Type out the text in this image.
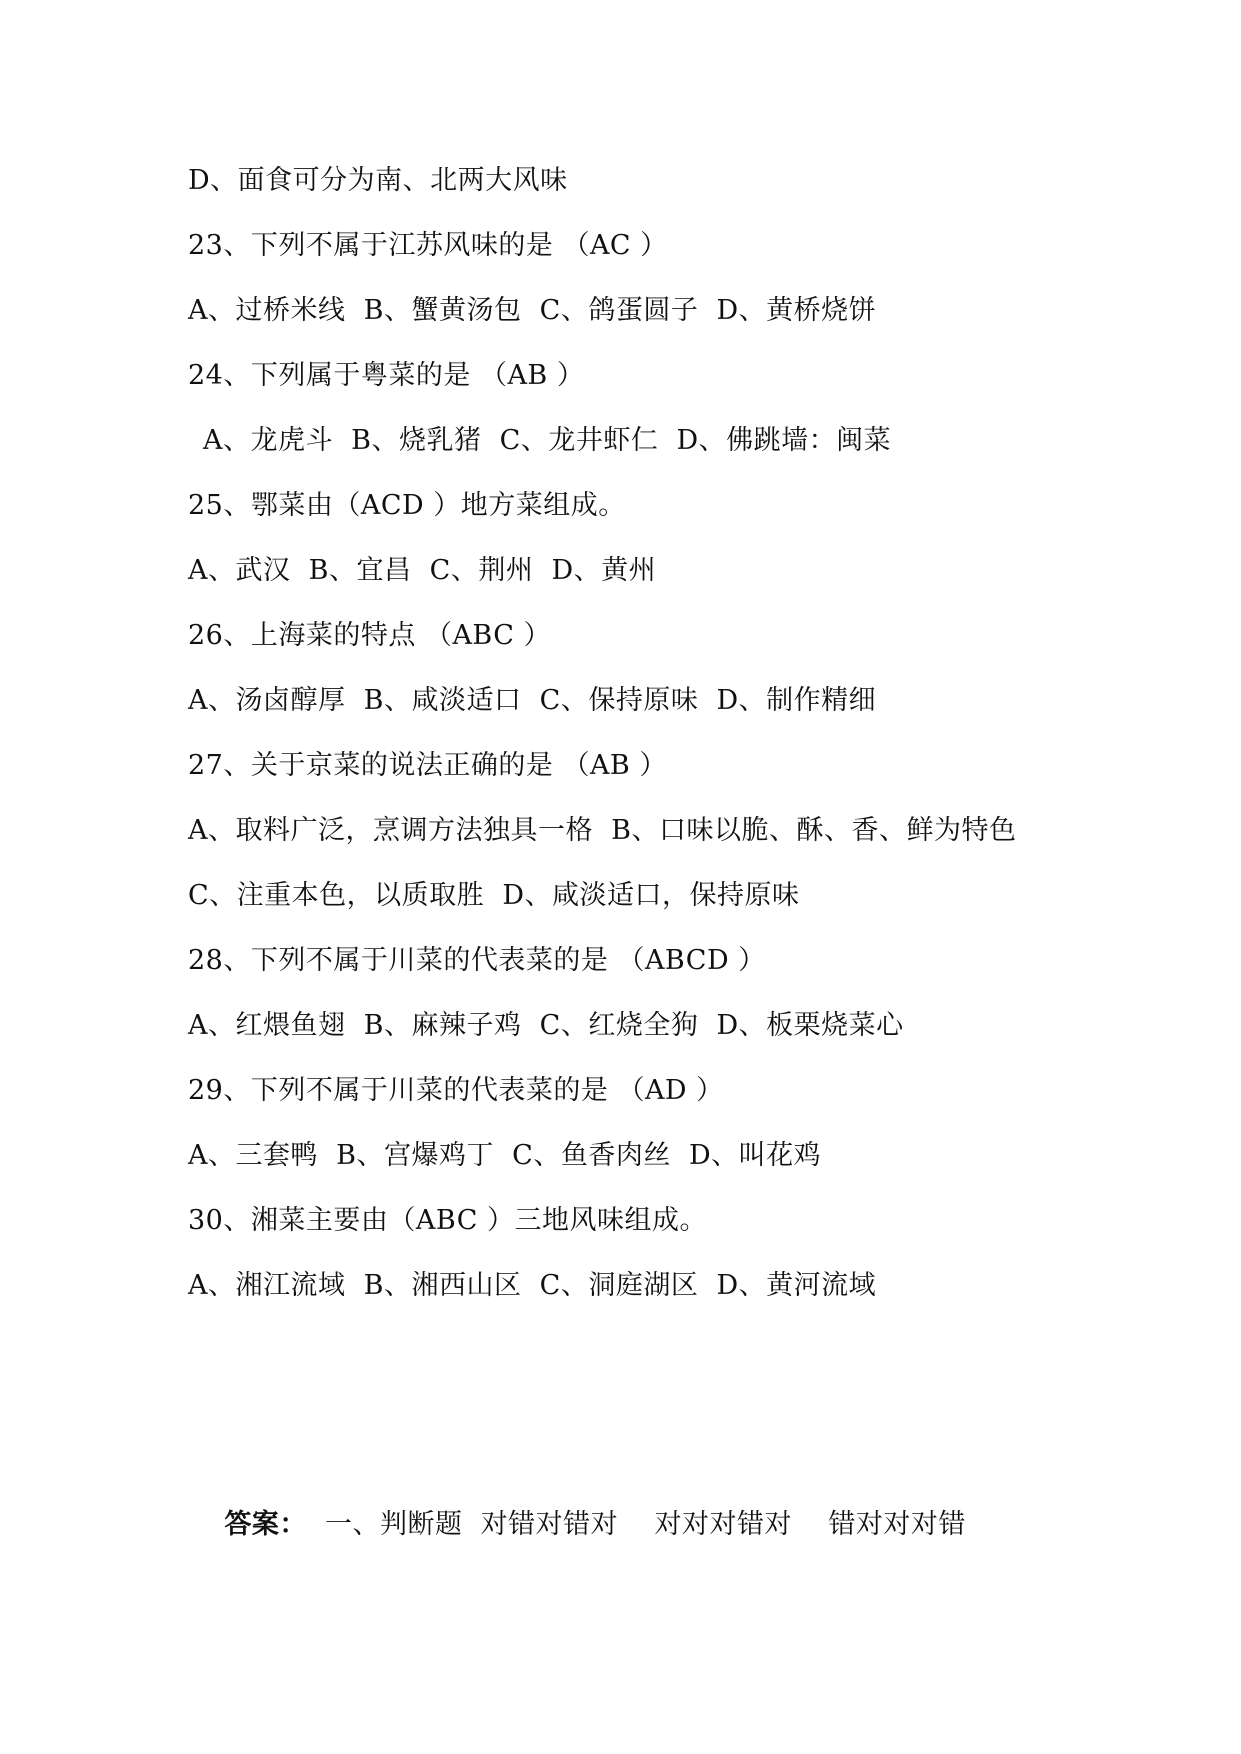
D、面食可分为南、北两大风味
23、下列不属于江苏风味的是 （AC ）
A、过桥米线  B、蟹黄汤包  C、鸽蛋圆子  D、黄桥烧饼
24、下列属于粤菜的是 （AB ）
A、龙虎斗  B、烧乳猪  C、龙井虾仁  D、佛跳墙：闽菜
25、鄂菜由（ACD ）地方菜组成。
A、武汉  B、宜昌  C、荆州  D、黄州
26、上海菜的特点 （ABC ）
A、汤卤醇厚  B、咸淡适口  C、保持原味  D、制作精细
27、关于京菜的说法正确的是 （AB ）
A、取料广泛，烹调方法独具一格  B、口味以脆、酥、香、鲜为特色
C、注重本色，以质取胜  D、咸淡适口，保持原味
28、下列不属于川菜的代表菜的是 （ABCD ）
A、红煨鱼翅  B、麻辣子鸡  C、红烧全狗  D、板栗烧菜心
29、下列不属于川菜的代表菜的是 （AD ）
A、三套鸭  B、宫爆鸡丁  C、鱼香肉丝  D、叫花鸡
30、湘菜主要由（ABC ）三地风味组成。
A、湘江流域  B、湘西山区  C、洞庭湖区  D、黄河流域

答案：  一、判断题  对错对错对    对对对错对    错对对对错
